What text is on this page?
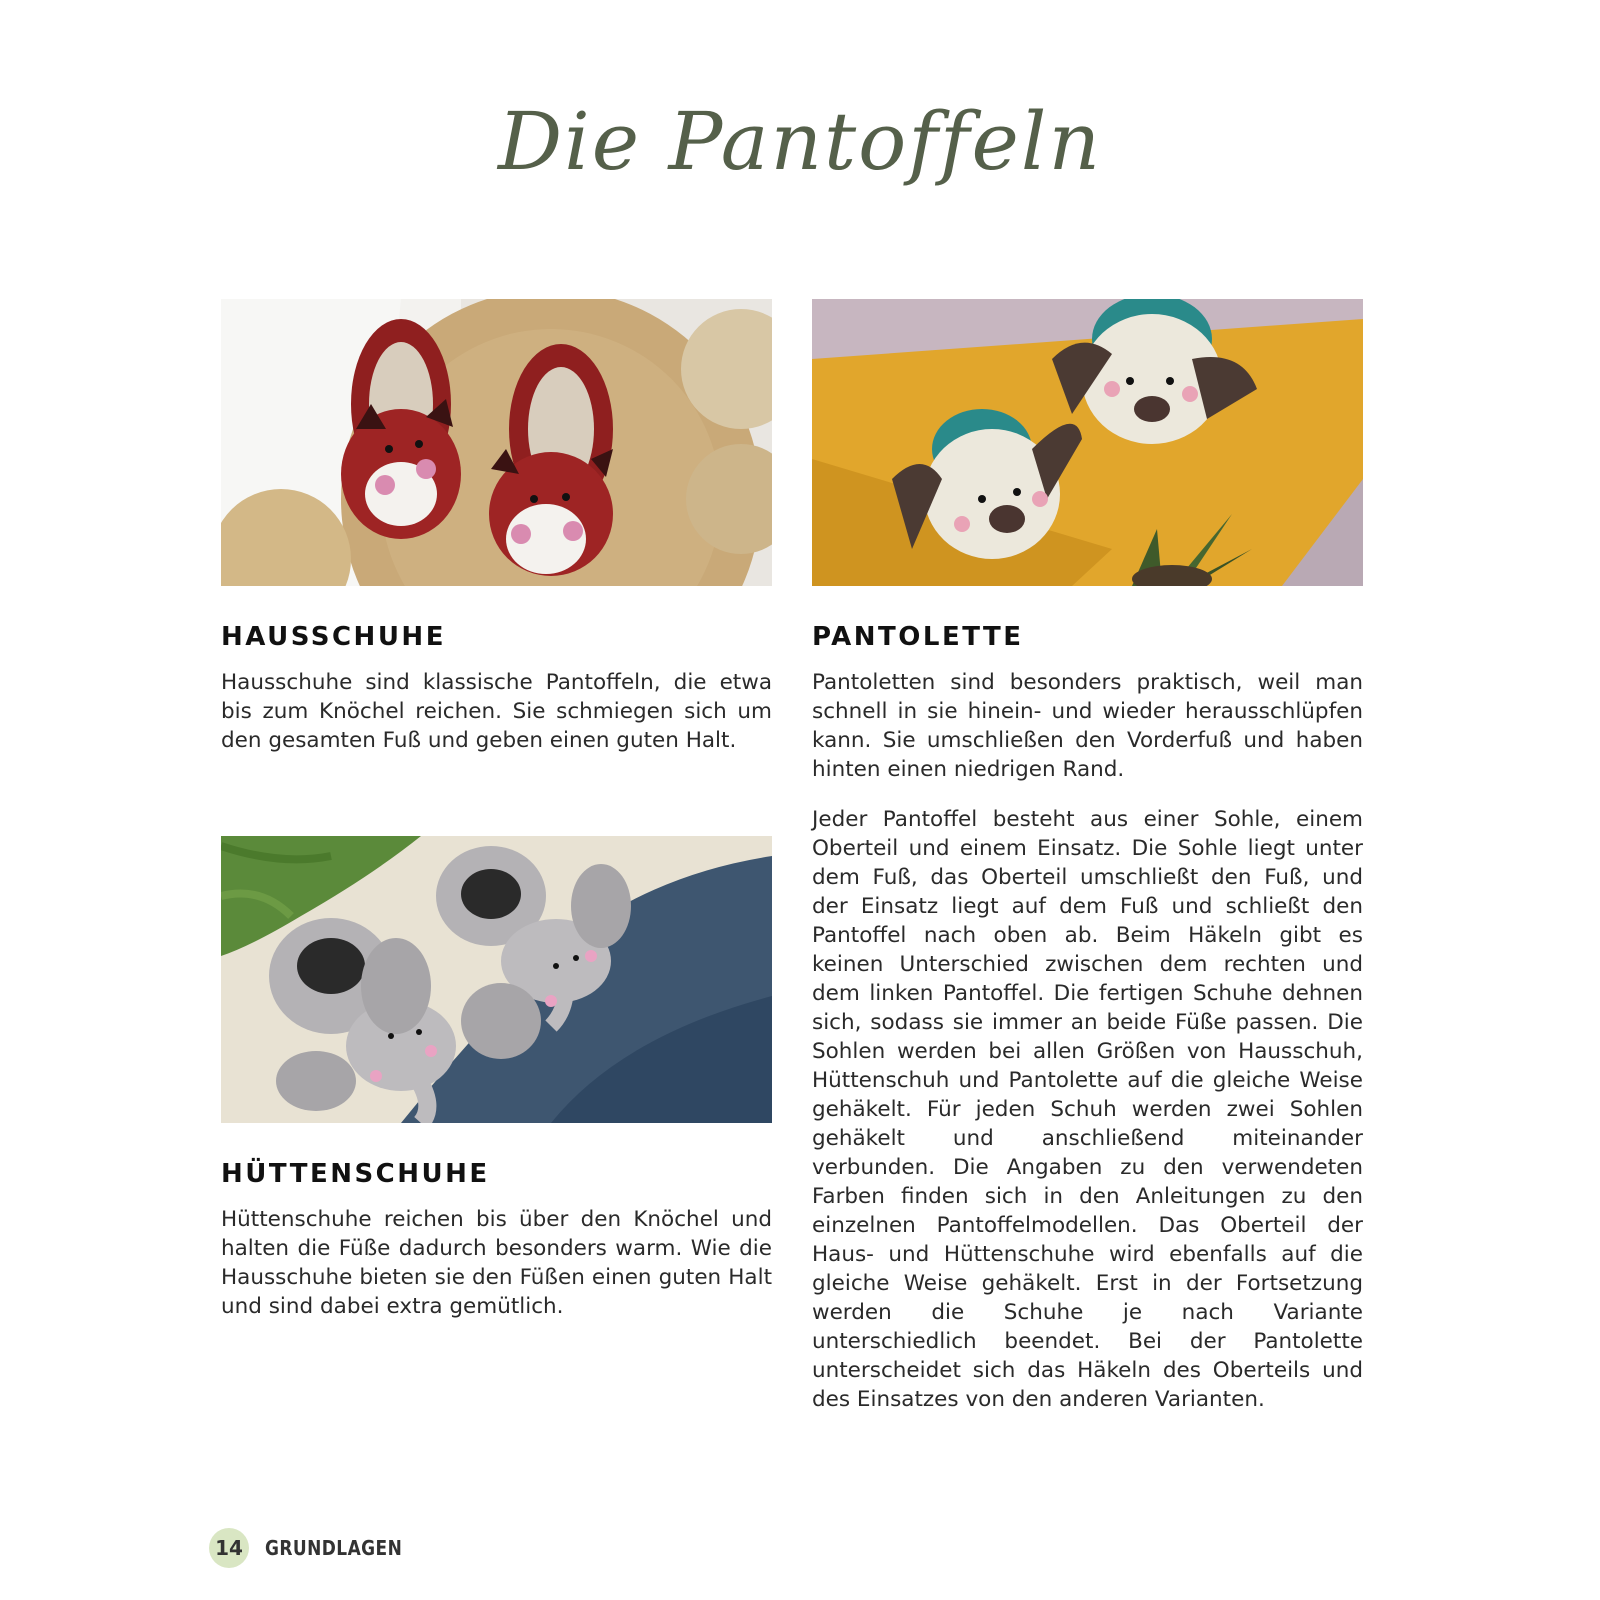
Die Pantoffeln
HAUSSCHUHE

Hausschuhe sind klassische Pantoffeln, die etwa bis zum Knöchel reichen. Sie schmiegen sich um den gesamten Fuß und geben einen guten Halt.

HÜTTENSCHUHE

Hüttenschuhe reichen bis über den Knöchel und halten die Füße dadurch besonders warm. Wie die Hausschuhe bieten sie den Füßen einen guten Halt und sind dabei extra gemütlich.

PANTOLETTE

Pantoletten sind besonders praktisch, weil man schnell in sie hinein- und wieder herausschlüpfen kann. Sie umschließen den Vorderfuß und haben hinten einen niedrigen Rand.

Jeder Pantoffel besteht aus einer Sohle, einem Oberteil und einem Einsatz. Die Sohle liegt unter dem Fuß, das Oberteil umschließt den Fuß, und der Einsatz liegt auf dem Fuß und schließt den Pantoffel nach oben ab. Beim Häkeln gibt es keinen Unterschied zwischen dem rechten und dem linken Pantoffel. Die fertigen Schuhe dehnen sich, sodass sie immer an beide Füße passen. Die Sohlen werden bei allen Größen von Hausschuh, Hüttenschuh und Pantolette auf die gleiche Weise gehäkelt. Für jeden Schuh werden zwei Sohlen gehäkelt und anschließend miteinander verbunden. Die Angaben zu den verwendeten Farben finden sich in den Anleitungen zu den einzelnen Pantoffelmodellen. Das Oberteil der Haus- und Hüttenschuhe wird ebenfalls auf die gleiche Weise gehäkelt. Erst in der Fortsetzung werden die Schuhe je nach Variante unterschiedlich beendet. Bei der Pantolette unterscheidet sich das Häkeln des Oberteils und des Einsatzes von den anderen Varianten.

14	GRUNDLAGEN
